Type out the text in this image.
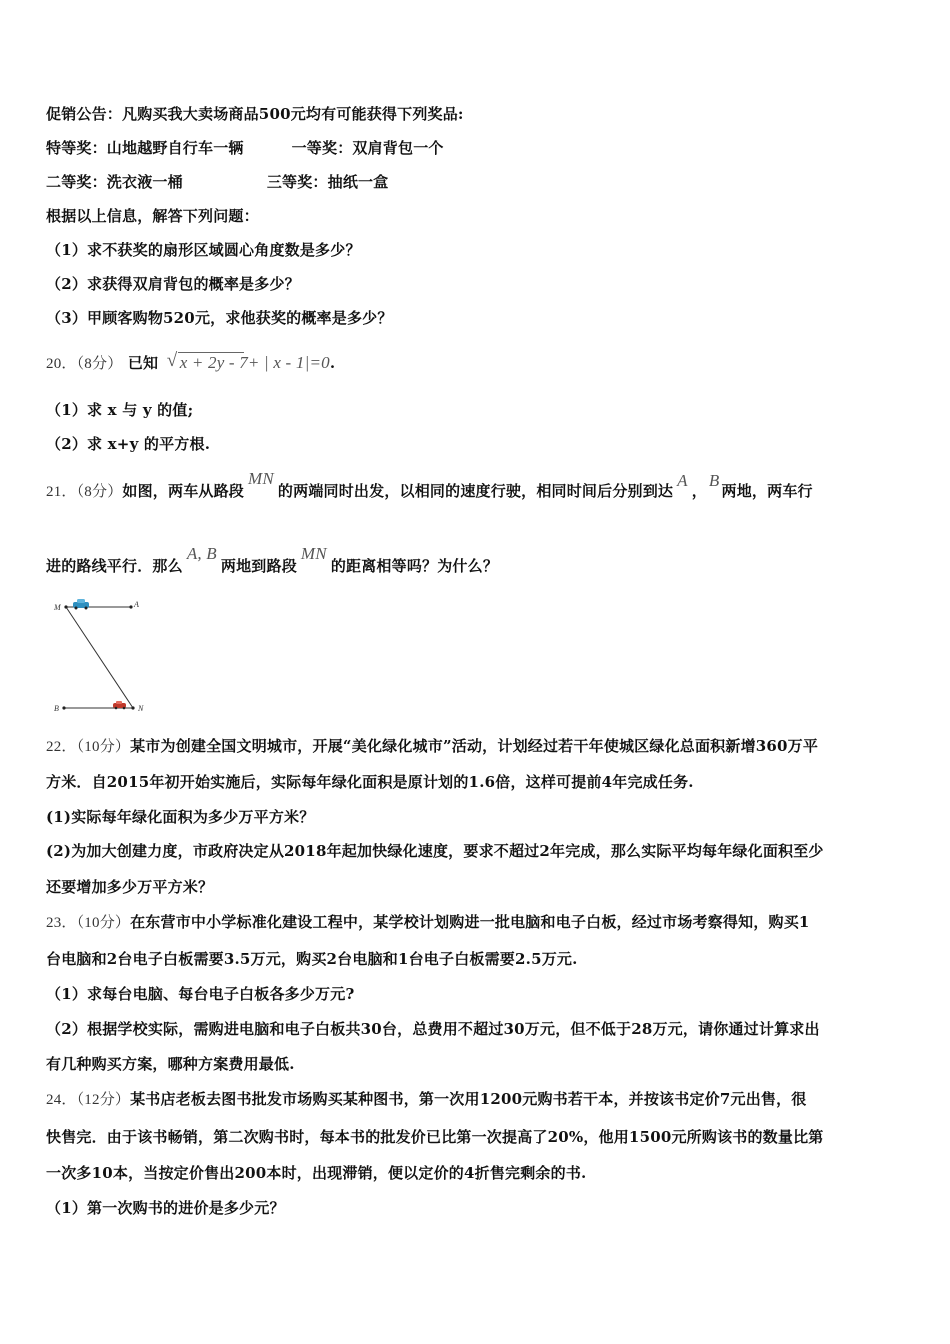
促销公告：凡购买我大卖场商品500元均有可能获得下列奖品:
特等奖：山地越野自行车一辆	一等奖：双肩背包一个
二等奖：洗衣液一桶	三等奖：抽纸一盒
根据以上信息，解答下列问题：
（1）求不获奖的扇形区域圆心角度数是多少？
（2）求获得双肩背包的概率是多少？
（3）甲顾客购物520元，求他获奖的概率是多少？
20．（8分） 已知 √ x + 2y - 7+ | x - 1|=0.
（1）求 x 与 y 的值;
（2）求 x+y 的平方根.
21．（8分）如图，两车从路段MN的两端同时出发，以相同的速度行驶，相同时间后分别到达A，B两地，两车行
进的路线平行．那么A, B两地到路段MN的距离相等吗？为什么？
M	A
B	N
22．（10分）某市为创建全国文明城市，开展“美化绿化城市”活动，计划经过若干年使城区绿化总面积新增360万平
方米．自2015年初开始实施后，实际每年绿化面积是原计划的1.6倍，这样可提前4年完成任务.
(1)实际每年绿化面积为多少万平方米？
(2)为加大创建力度，市政府决定从2018年起加快绿化速度，要求不超过2年完成，那么实际平均每年绿化面积至少
还要增加多少万平方米？
23．（10分）在东营市中小学标准化建设工程中，某学校计划购进一批电脑和电子白板，经过市场考察得知，购买1
台电脑和2台电子白板需要3.5万元，购买2台电脑和1台电子白板需要2.5万元.
（1）求每台电脑、每台电子白板各多少万元?
（2）根据学校实际，需购进电脑和电子白板共30台，总费用不超过30万元，但不低于28万元，请你通过计算求出
有几种购买方案，哪种方案费用最低.
24．（12分）某书店老板去图书批发市场购买某种图书，第一次用1200元购书若干本，并按该书定价7元出售，很
快售完．由于该书畅销，第二次购书时，每本书的批发价已比第一次提高了20%，他用1500元所购该书的数量比第
一次多10本，当按定价售出200本时，出现滞销，便以定价的4折售完剩余的书.
（1）第一次购书的进价是多少元？
